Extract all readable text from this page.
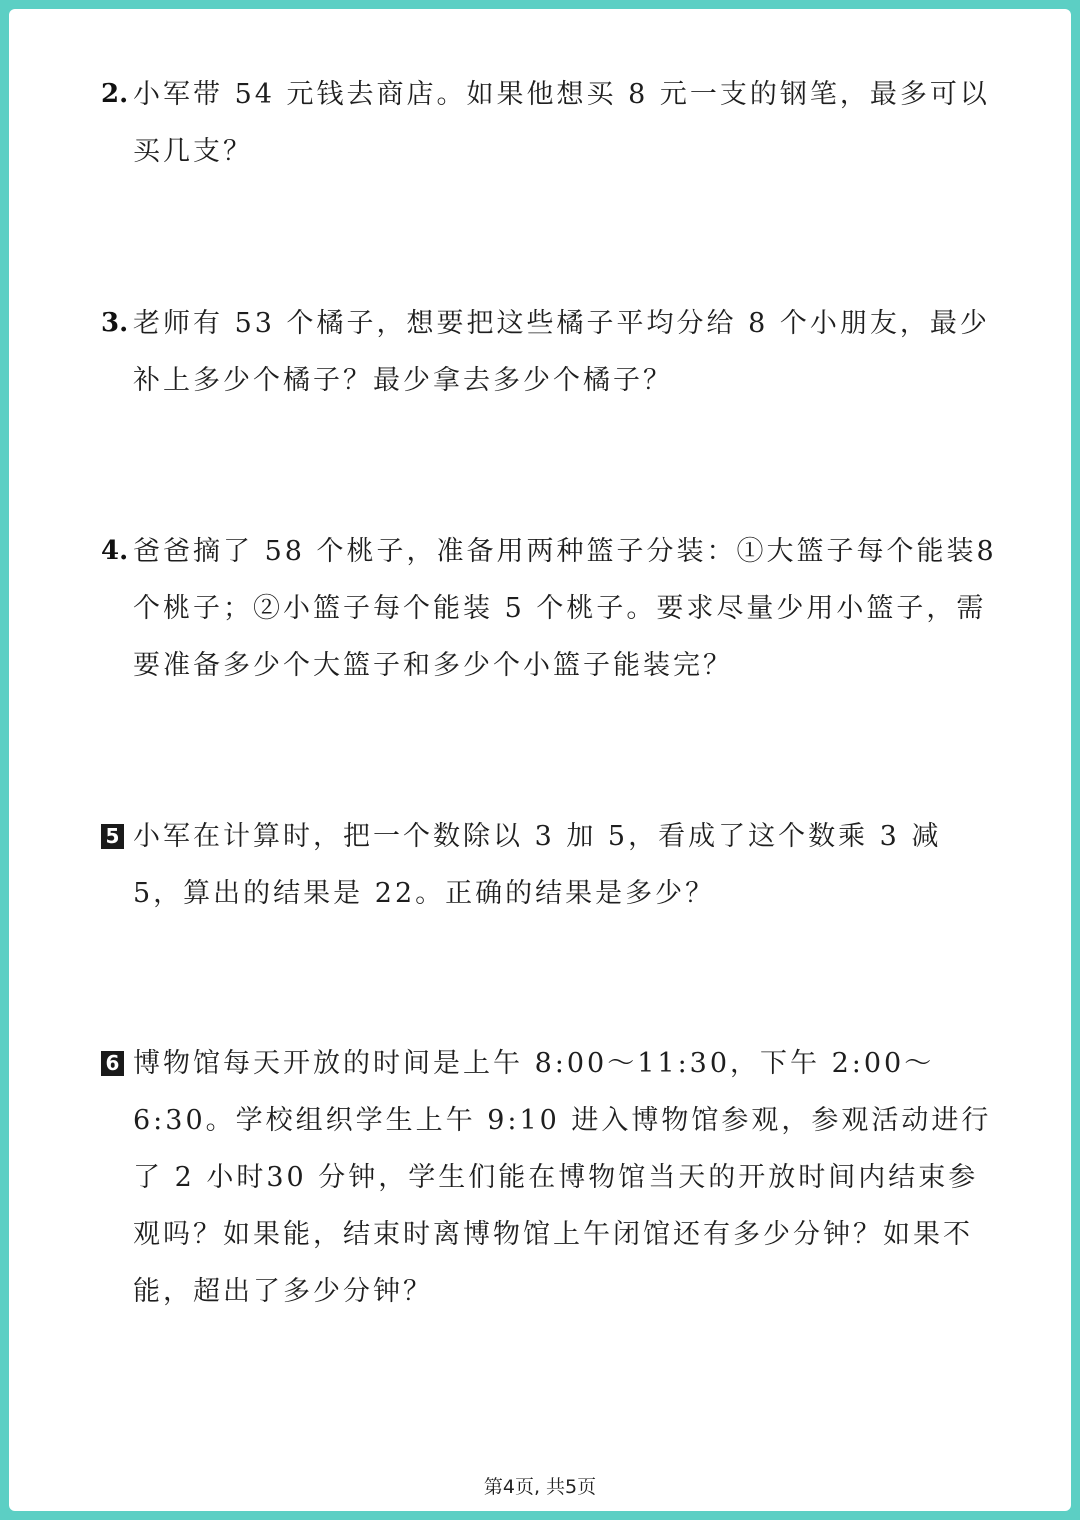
2. 小军带 54 元钱去商店。如果他想买 8 元一支的钢笔，最多可以买几支？
3. 老师有 53 个橘子，想要把这些橘子平均分给 8 个小朋友，最少补上多少个橘子？最少拿去多少个橘子？
4. 爸爸摘了 58 个桃子，准备用两种篮子分装：①大篮子每个能装8 个桃子；②小篮子每个能装 5 个桃子。要求尽量少用小篮子，需要准备多少个大篮子和多少个小篮子能装完？
5 小军在计算时，把一个数除以 3 加 5，看成了这个数乘 3 减 5，算出的结果是 22。正确的结果是多少？
6 博物馆每天开放的时间是上午 8:00～11:30，下午 2:00～6:30。学校组织学生上午 9:10 进入博物馆参观，参观活动进行了 2 小时30 分钟，学生们能在博物馆当天的开放时间内结束参观吗？如果能，结束时离博物馆上午闭馆还有多少分钟？如果不能，超出了多少分钟？
第4页, 共5页
